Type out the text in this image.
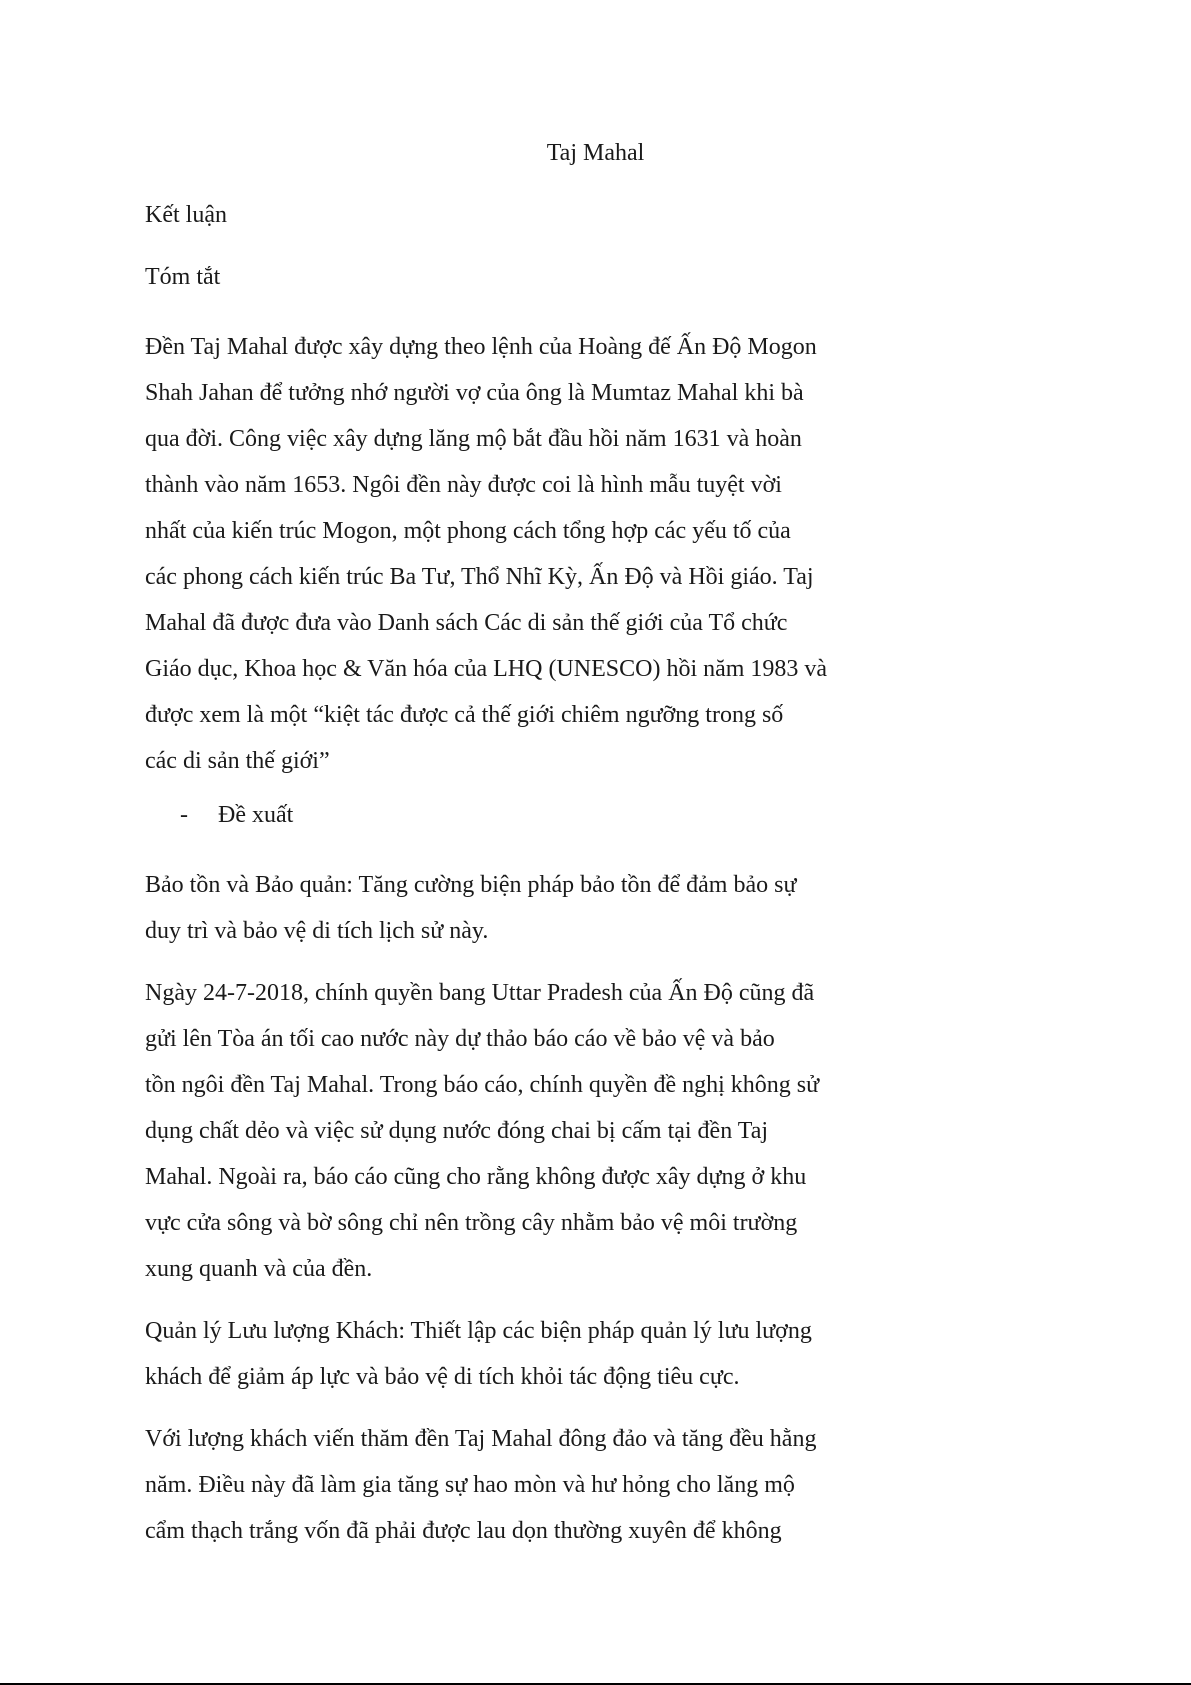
Taj Mahal
Kết luận
Tóm tắt
Đền Taj Mahal được xây dựng theo lệnh của Hoàng đế Ấn Độ Mogon
Shah Jahan để tưởng nhớ người vợ của ông là Mumtaz Mahal khi bà
qua đời. Công việc xây dựng lăng mộ bắt đầu hồi năm 1631 và hoàn
thành vào năm 1653. Ngôi đền này được coi là hình mẫu tuyệt vời
nhất của kiến trúc Mogon, một phong cách tổng hợp các yếu tố của
các phong cách kiến trúc Ba Tư, Thổ Nhĩ Kỳ, Ấn Độ và Hồi giáo. Taj
Mahal đã được đưa vào Danh sách Các di sản thế giới của Tổ chức
Giáo dục, Khoa học & Văn hóa của LHQ (UNESCO) hồi năm 1983 và
được xem là một “kiệt tác được cả thế giới chiêm ngưỡng trong số
các di sản thế giới”
- Đề xuất
Bảo tồn và Bảo quản: Tăng cường biện pháp bảo tồn để đảm bảo sự
duy trì và bảo vệ di tích lịch sử này.
Ngày 24-7-2018, chính quyền bang Uttar Pradesh của Ấn Độ cũng đã
gửi lên Tòa án tối cao nước này dự thảo báo cáo về bảo vệ và bảo
tồn ngôi đền Taj Mahal. Trong báo cáo, chính quyền đề nghị không sử
dụng chất dẻo và việc sử dụng nước đóng chai bị cấm tại đền Taj
Mahal. Ngoài ra, báo cáo cũng cho rằng không được xây dựng ở khu
vực cửa sông và bờ sông chỉ nên trồng cây nhằm bảo vệ môi trường
xung quanh và của đền.
Quản lý Lưu lượng Khách: Thiết lập các biện pháp quản lý lưu lượng
khách để giảm áp lực và bảo vệ di tích khỏi tác động tiêu cực.
Với lượng khách viến thăm đền Taj Mahal đông đảo và tăng đều hằng
năm. Điều này đã làm gia tăng sự hao mòn và hư hỏng cho lăng mộ
cẩm thạch trắng vốn đã phải được lau dọn thường xuyên để không
